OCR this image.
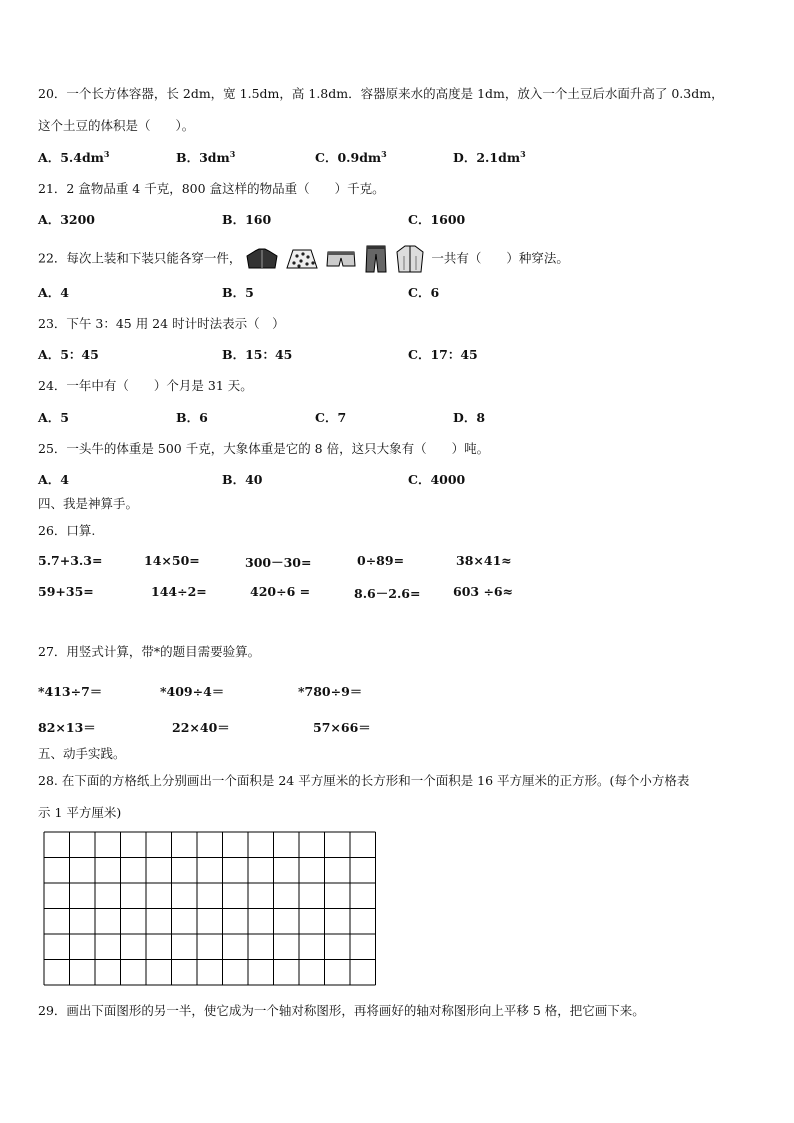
20．一个长方体容器，长 2dm，宽 1.5dm，高 1.8dm．容器原来水的高度是 1dm，放入一个土豆后水面升高了 0.3dm，
这个土豆的体积是（　　）。
A．$5.4dm^3$	B．$3dm^3$	C．$0.9dm^3$	D．$2.1dm^3$
21．2 盒物品重 4 千克，800 盒这样的物品重（　　）千克。
A．3200	B．160	C．1600
22．每次上装和下装只能各穿一件，	一共有（　　）种穿法。
A．4	B．5	C．6
23．下午 3：45 用 24 时计时法表示（　）
A．5：45	B．15：45	C．17：45
24．一年中有（　　）个月是 31 天。
A．5	B．6	C．7	D．8
25．一头牛的体重是 500 千克，大象体重是它的 8 倍，这只大象有（　　）吨。
A．4	B．40	C．4000
四、我是神算手。
26．口算.
5.7+3.3=	14×50=	300－30=	0÷89=	38×41≈
59+35=	144÷2=	420÷6 =	8.6－2.6=	603 ÷6≈
27．用竖式计算，带*的题目需要验算。
*413÷7＝	*409÷4＝	*780÷9＝
82×13＝	22×40＝	57×66＝
五、动手实践。
28. 在下面的方格纸上分别画出一个面积是 24 平方厘米的长方形和一个面积是 16 平方厘米的正方形。(每个小方格表
示 1 平方厘米)
29．画出下面图形的另一半，使它成为一个轴对称图形，再将画好的轴对称图形向上平移 5 格，把它画下来。
